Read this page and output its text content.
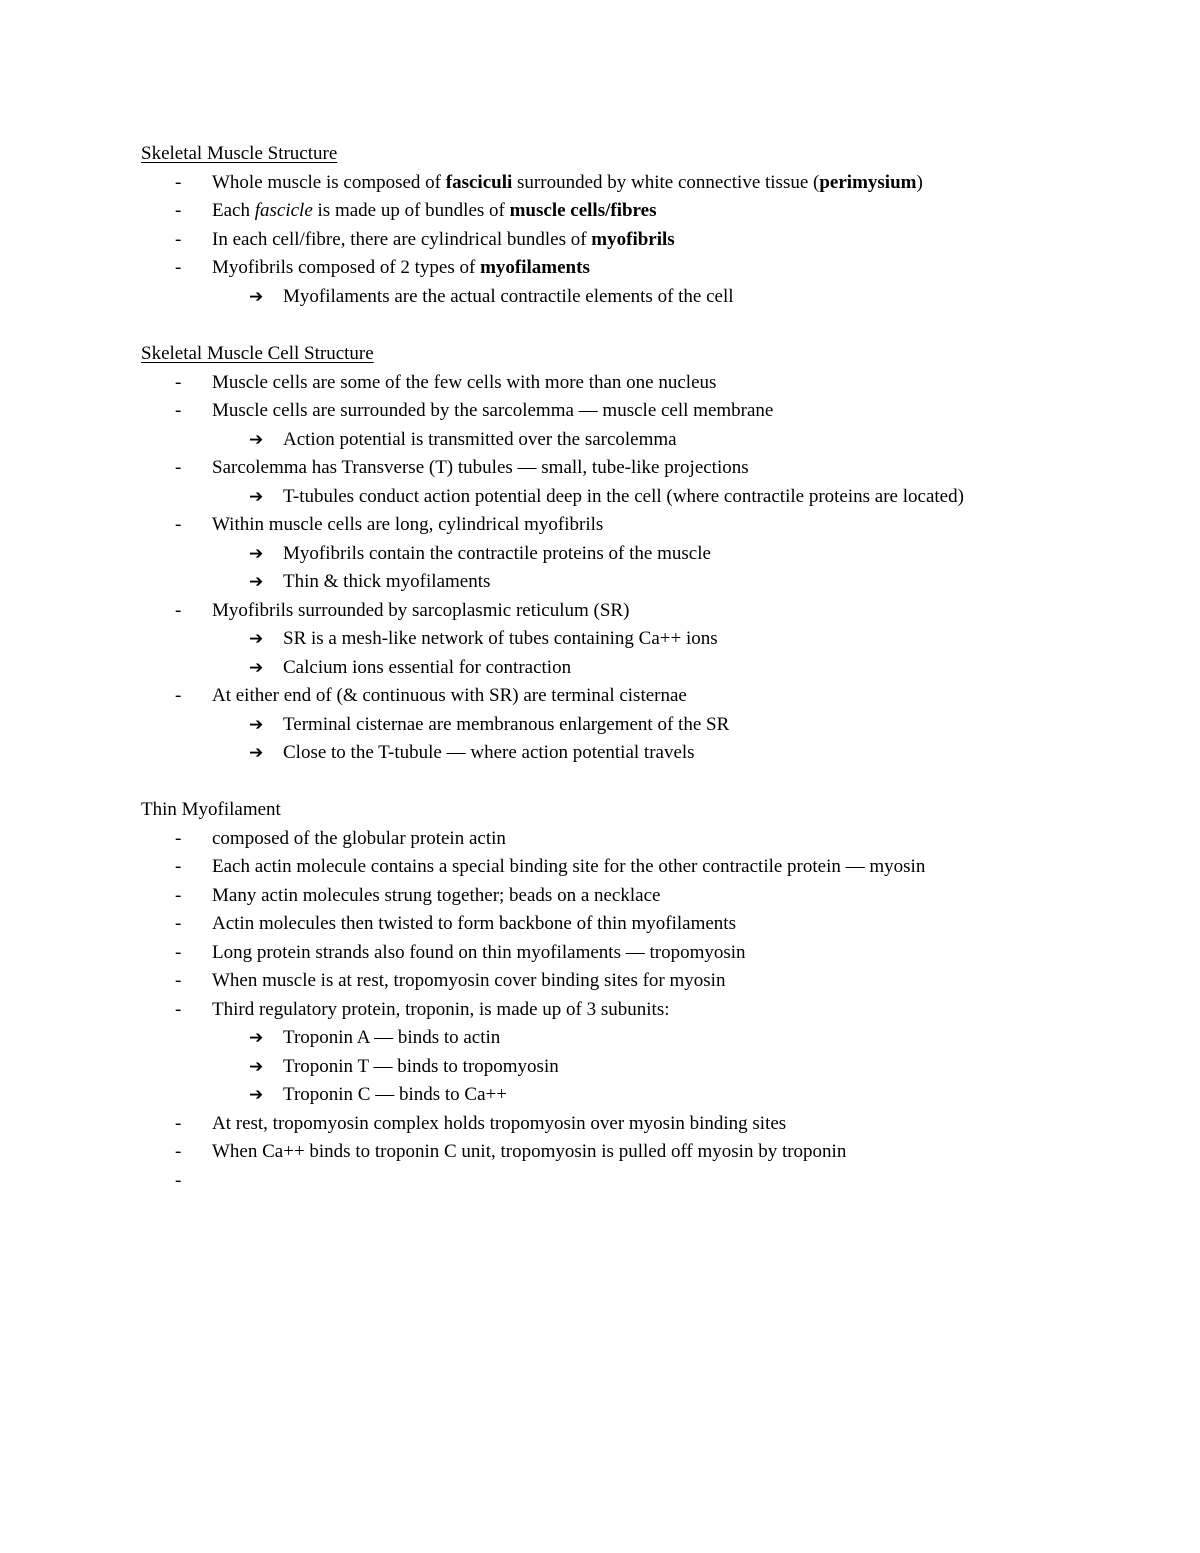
Skeletal Muscle Structure
- Whole muscle is composed of fasciculi surrounded by white connective tissue (perimysium)
- Each fascicle is made up of bundles of muscle cells/fibres
- In each cell/fibre, there are cylindrical bundles of myofibrils
- Myofibrils composed of 2 types of myofilaments
➔ Myofilaments are the actual contractile elements of the cell
Skeletal Muscle Cell Structure
- Muscle cells are some of the few cells with more than one nucleus
- Muscle cells are surrounded by the sarcolemma — muscle cell membrane
➔ Action potential is transmitted over the sarcolemma
- Sarcolemma has Transverse (T) tubules — small, tube-like projections
➔ T-tubules conduct action potential deep in the cell (where contractile proteins are located)
- Within muscle cells are long, cylindrical myofibrils
➔ Myofibrils contain the contractile proteins of the muscle
➔ Thin & thick myofilaments
- Myofibrils surrounded by sarcoplasmic reticulum (SR)
➔ SR is a mesh-like network of tubes containing Ca++ ions
➔ Calcium ions essential for contraction
- At either end of (& continuous with SR) are terminal cisternae
➔ Terminal cisternae are membranous enlargement of the SR
➔ Close to the T-tubule — where action potential travels
Thin Myofilament
- composed of the globular protein actin
- Each actin molecule contains a special binding site for the other contractile protein — myosin
- Many actin molecules strung together; beads on a necklace
- Actin molecules then twisted to form backbone of thin myofilaments
- Long protein strands also found on thin myofilaments — tropomyosin
- When muscle is at rest, tropomyosin cover binding sites for myosin
- Third regulatory protein, troponin, is made up of 3 subunits:
➔ Troponin A — binds to actin
➔ Troponin T — binds to tropomyosin
➔ Troponin C — binds to Ca++
- At rest, tropomyosin complex holds tropomyosin over myosin binding sites
- When Ca++ binds to troponin C unit, tropomyosin is pulled off myosin by troponin
-
